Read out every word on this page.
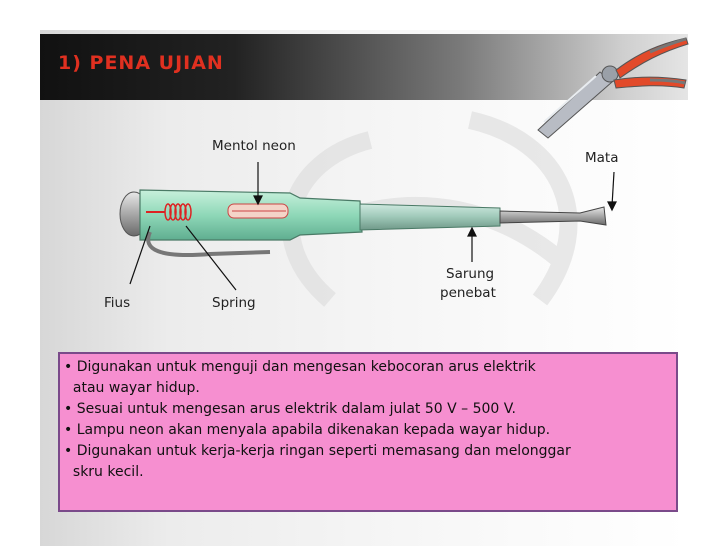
1) PENA UJIAN
Mentol neon
Mata
Sarung
penebat
Fius	Spring
• Digunakan untuk menguji dan mengesan kebocoran arus elektrik
atau wayar hidup.
• Sesuai untuk mengesan arus elektrik dalam julat 50 V – 500 V.
• Lampu neon akan menyala apabila dikenakan kepada wayar hidup.
• Digunakan untuk kerja-kerja ringan seperti memasang dan melonggar
skru kecil.
